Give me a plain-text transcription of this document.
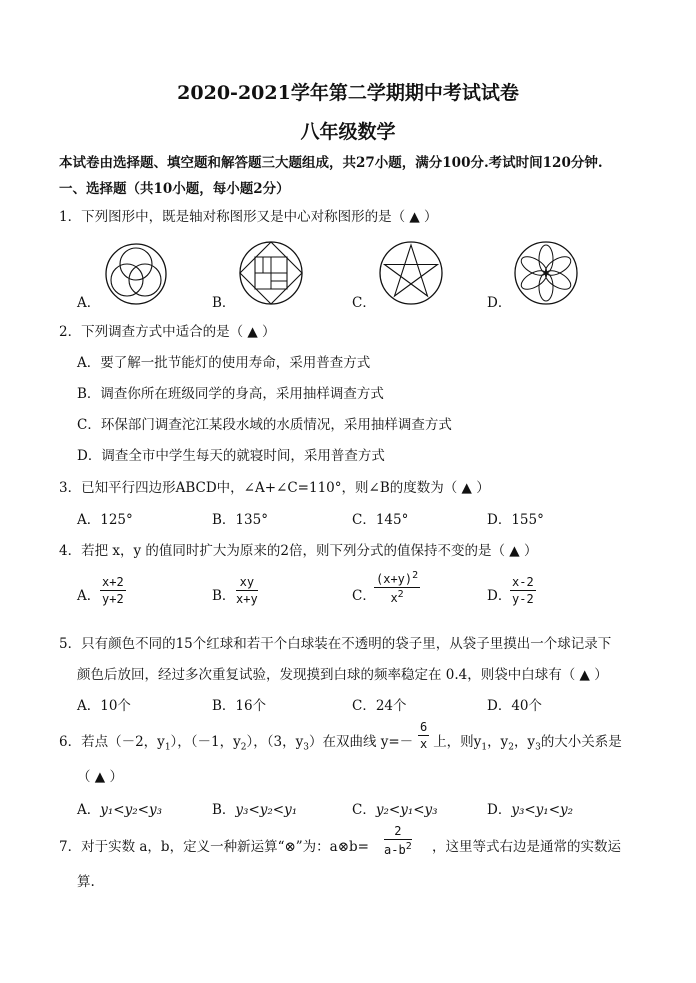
2020-2021学年第二学期期中考试试卷
八年级数学
本试卷由选择题、填空题和解答题三大题组成，共27小题，满分100分.考试时间120分钟.
一、选择题（共10小题，每小题2分）
1．下列图形中，既是轴对称图形又是中心对称图形的是（ ▲ ）
A．	B．	C．	D．
2．下列调查方式中适合的是（ ▲ ）
A．要了解一批节能灯的使用寿命，采用普查方式
B．调查你所在班级同学的身高，采用抽样调查方式
C．环保部门调查沱江某段水域的水质情况，采用抽样调查方式
D．调查全市中学生每天的就寝时间，采用普查方式
3．已知平行四边形ABCD中，∠A+∠C=110°，则∠B的度数为（ ▲ ）
A．125°	B．135°	C．145°	D．155°
4．若把 x，y 的值同时扩大为原来的2倍，则下列分式的值保持不变的是（ ▲ ）
A． $\frac{x+2}{y+2}$	B． $\frac{xy}{x+y}$	C．
$\frac{(x+y)^2}{x^2}$	D．
$\frac{x-2}{y-2}$
5．只有颜色不同的15个红球和若干个白球装在不透明的袋子里，从袋子里摸出一个球记录下
颜色后放回，经过多次重复试验，发现摸到白球的频率稳定在 0.4，则袋中白球有（ ▲ ）
A．10个	B．16个	C．24个	D．40个
6．若点（－2，$y_1$），（－1，$y_2$），（3，$y_3$）在双曲线 y=－ 上，则$y_1$，$y_2$，$y_3$的大小关系是
$\frac{6}{x}$
（ ▲ ）
A．y₁<y₂<y₃	B．y₃<y₂<y₁	C．y₂<y₁<y₃	D．y₃<y₁<y₂
7．对于实数 a，b，定义一种新运算“⊗”为：a⊗b= $\frac{2}{a-b^2}$ ，这里等式右边是通常的实数运
算.
